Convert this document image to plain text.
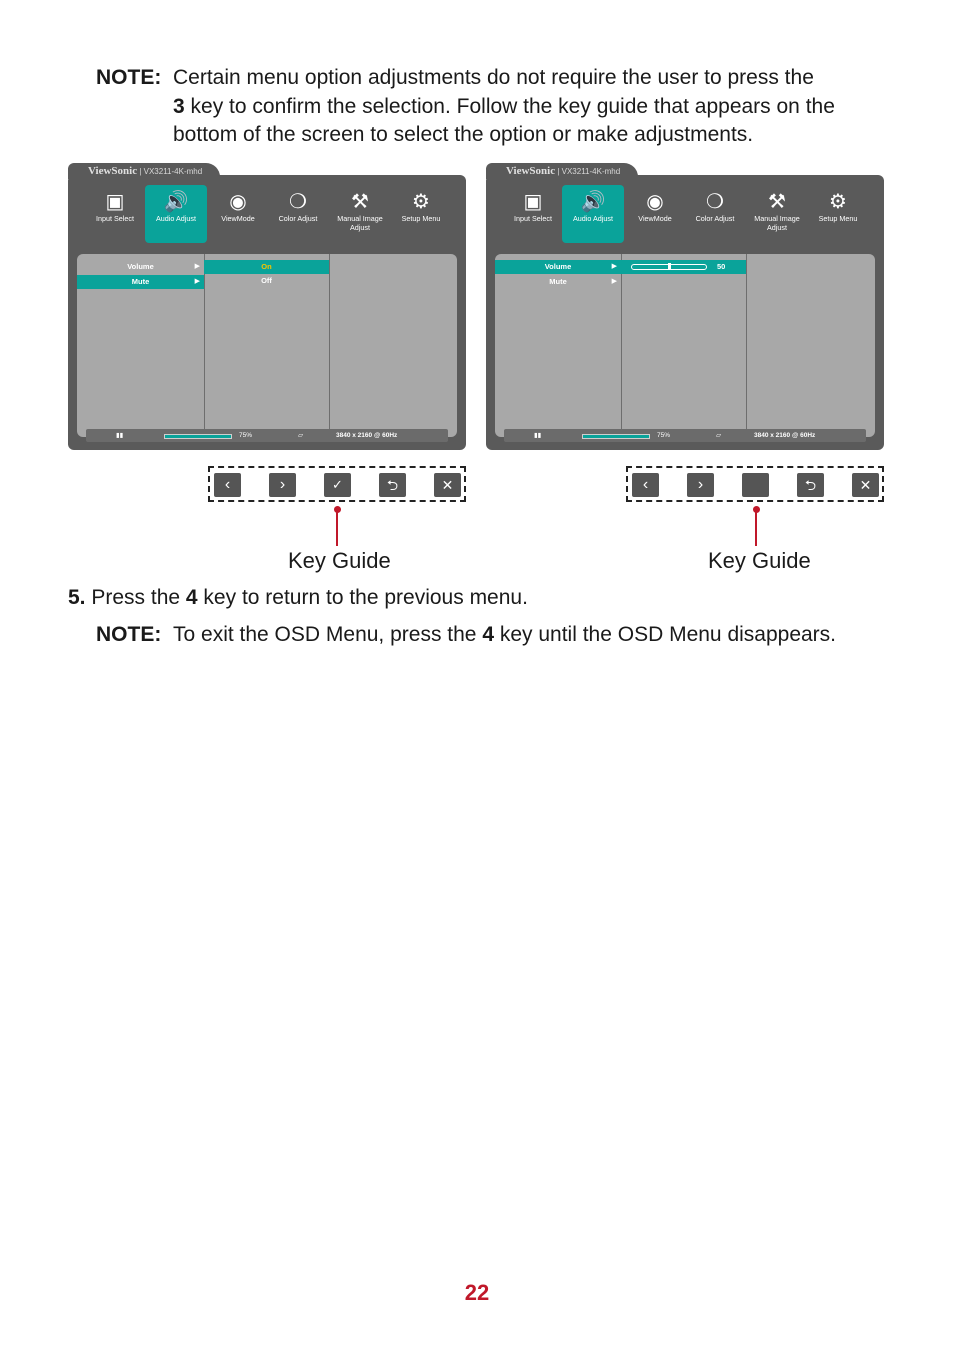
NOTE: Certain menu option adjustments do not require the user to press the
3 key to confirm the selection. Follow the key guide that appears on the
bottom of the screen to select the option or make adjustments.
ViewSonic | VX3211-4K-mhd
▣
Input Select
🔊
Audio Adjust
◉
ViewMode
❍
Color Adjust
⚒
Manual Image Adjust
⚙
Setup Menu
Volume	▶
Mute	▶
On
Off
▮▮	75%	▱	3840 x 2160 @ 60Hz
ViewSonic | VX3211-4K-mhd
▣
Input Select
🔊
Audio Adjust
◉
ViewMode
❍
Color Adjust
⚒
Manual Image Adjust
⚙
Setup Menu
Volume	▶
Mute	▶
50
▮▮	75%	▱	3840 x 2160 @ 60Hz
‹	›	✓	⮌	✕
Key Guide
‹	›	⮌	✕
Key Guide
5. Press the 4 key to return to the previous menu.
NOTE: To exit the OSD Menu, press the 4 key until the OSD Menu disappears.
22
